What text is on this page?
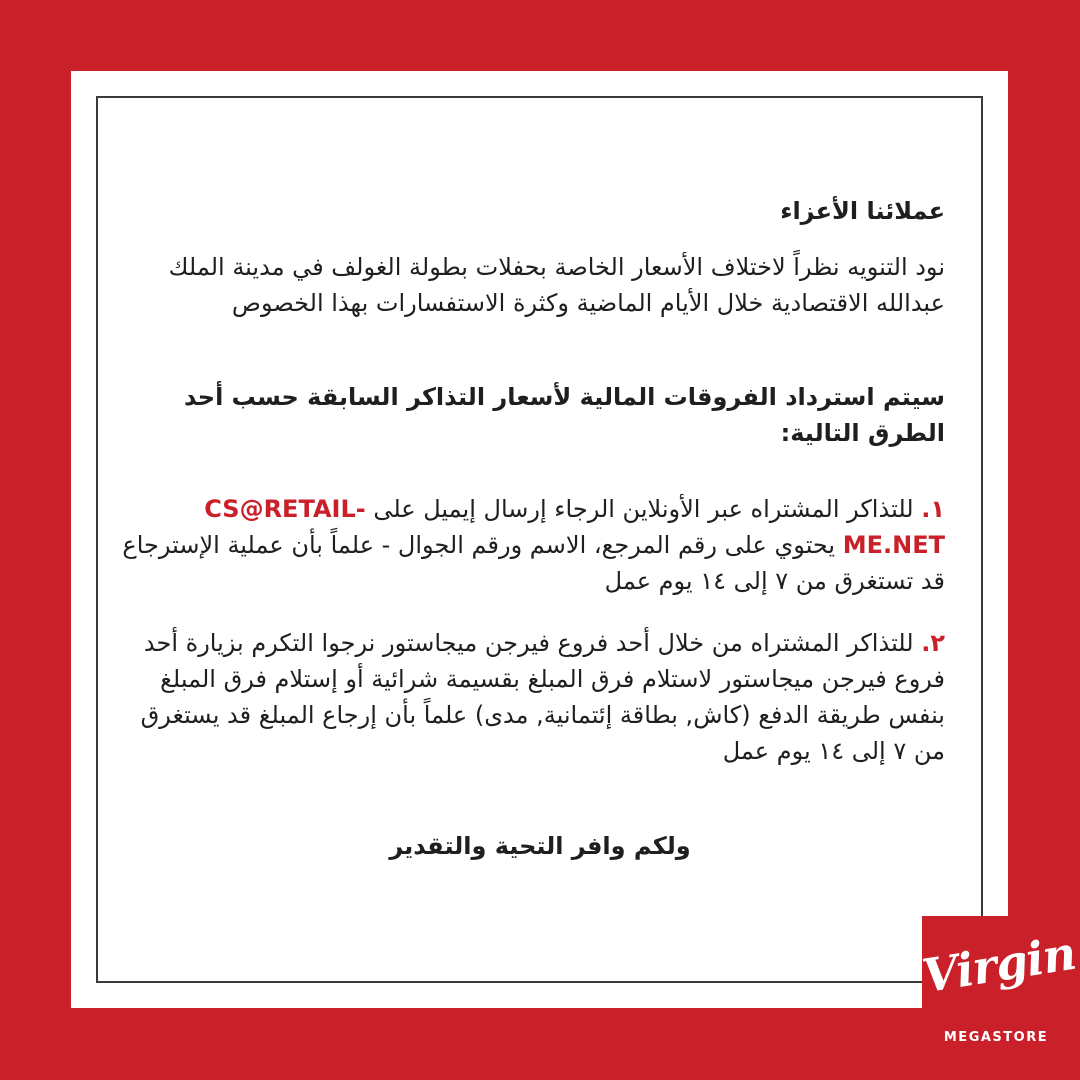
عملائنا الأعزاء

نود التنويه نظراً لاختلاف الأسعار الخاصة بحفلات بطولة الغولف في مدينة الملك عبدالله الاقتصادية خلال الأيام الماضية وكثرة الاستفسارات بهذا الخصوص

سيتم استرداد الفروقات المالية لأسعار التذاكر السابقة حسب أحد الطرق التالية:

١. للتذاكر المشتراه عبر الأونلاين الرجاء إرسال إيميل على CS@RETAIL-ME.NET يحتوي على رقم المرجع، الاسم ورقم الجوال - علماً بأن عملية الإسترجاع قد تستغرق من ٧ إلى ١٤ يوم عمل

٢. للتذاكر المشتراه من خلال أحد فروع فيرجن ميجاستور نرجوا التكرم بزيارة أحد فروع فيرجن ميجاستور لاستلام فرق المبلغ بقسيمة شرائية أو إستلام فرق المبلغ بنفس طريقة الدفع (كاش, بطاقة إئتمانية, مدى) علماً بأن إرجاع المبلغ قد يستغرق من ٧ إلى ١٤ يوم عمل

ولكم وافر التحية والتقدير
Virgin
MEGASTORE
